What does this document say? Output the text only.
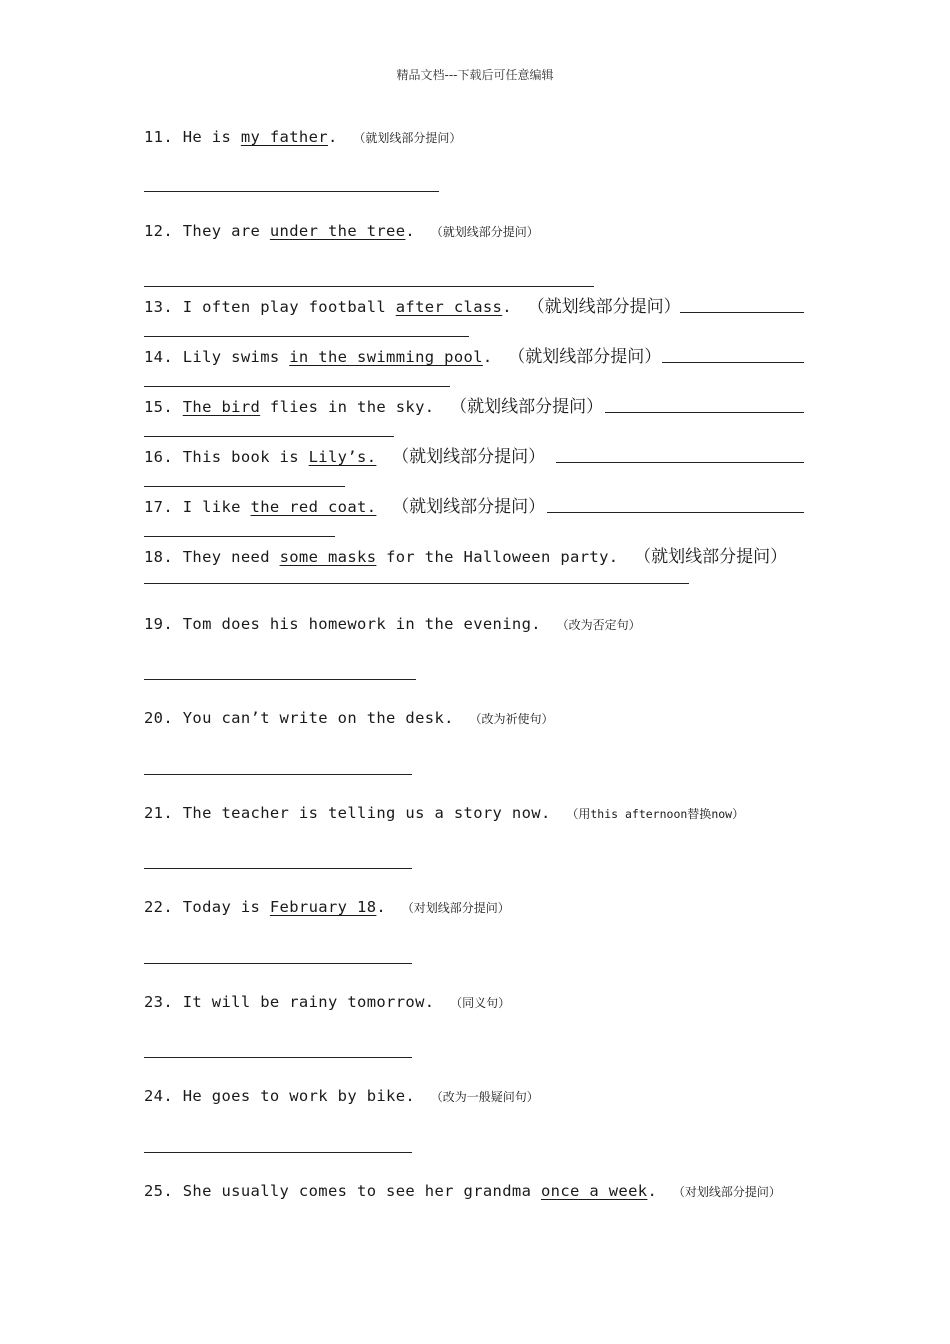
精品文档---下载后可任意编辑
11. He is my father. （就划线部分提问）
12. They are under the tree. （就划线部分提问）
13. I often play football after class. （就划线部分提问）
14. Lily swims in the swimming pool. （就划线部分提问）
15. The bird flies in the sky. （就划线部分提问）
16. This book is Lily’s. （就划线部分提问）
17. I like the red coat. （就划线部分提问）
18. They need some masks for the Halloween party. （就划线部分提问）
19. Tom does his homework in the evening. （改为否定句）
20. You can’t write on the desk. （改为祈使句）
21. The teacher is telling us a story now. （用this afternoon替换now）
22. Today is February 18. （对划线部分提问）
23. It will be rainy tomorrow. （同义句）
24. He goes to work by bike. （改为一般疑问句）
25. She usually comes to see her grandma once a week. （对划线部分提问）
